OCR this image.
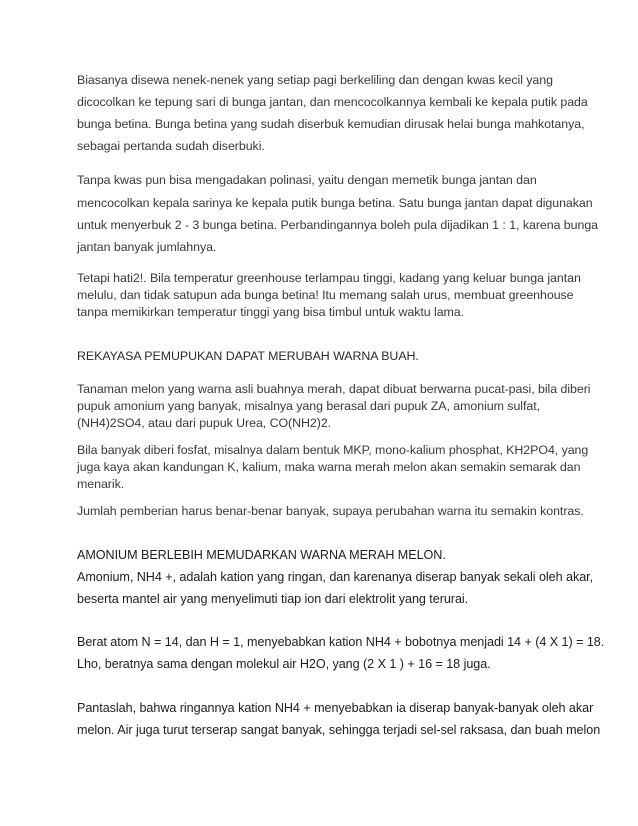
Biasanya disewa nenek-nenek yang setiap pagi berkeliling dan dengan kwas kecil yang

dicocolkan ke tepung sari di bunga jantan, dan mencocolkannya kembali ke kepala putik pada

bunga betina. Bunga betina yang sudah diserbuk kemudian dirusak helai bunga mahkotanya,

sebagai pertanda sudah diserbuki.

Tanpa kwas pun bisa mengadakan polinasi, yaitu dengan memetik bunga jantan dan

mencocolkan kepala sarinya ke kepala putik bunga betina. Satu bunga jantan dapat digunakan

untuk menyerbuk 2 - 3 bunga betina. Perbandingannya boleh pula dijadikan 1 : 1, karena bunga

jantan banyak jumlahnya.

Tetapi hati2!. Bila temperatur greenhouse terlampau tinggi, kadang yang keluar bunga jantan

melulu, dan tidak satupun ada bunga betina! Itu memang salah urus, membuat greenhouse

tanpa memikirkan temperatur tinggi yang bisa timbul untuk waktu lama.

REKAYASA PEMUPUKAN DAPAT MERUBAH WARNA BUAH.

Tanaman melon yang warna asli buahnya merah, dapat dibuat berwarna pucat-pasi, bila diberi

pupuk amonium yang banyak, misalnya yang berasal dari pupuk ZA, amonium sulfat,

(NH4)2SO4, atau dari pupuk Urea, CO(NH2)2.

Bila banyak diberi fosfat, misalnya dalam bentuk MKP, mono-kalium phosphat, KH2PO4, yang

juga kaya akan kandungan K, kalium, maka warna merah melon akan semakin semarak dan

menarik.

Jumlah pemberian harus benar-benar banyak, supaya perubahan warna itu semakin kontras.

AMONIUM BERLEBIH MEMUDARKAN WARNA MERAH MELON.

Amonium, NH4 +, adalah kation yang ringan, dan karenanya diserap banyak sekali oleh akar,

beserta mantel air yang menyelimuti tiap ion dari elektrolit yang terurai.

Berat atom N = 14, dan H = 1, menyebabkan kation NH4 + bobotnya menjadi 14 + (4 X 1) = 18.

Lho, beratnya sama dengan molekul air H2O, yang (2 X 1 ) + 16 = 18 juga.

Pantaslah, bahwa ringannya kation NH4 + menyebabkan ia diserap banyak-banyak oleh akar

melon. Air juga turut terserap sangat banyak, sehingga terjadi sel-sel raksasa, dan buah melon
